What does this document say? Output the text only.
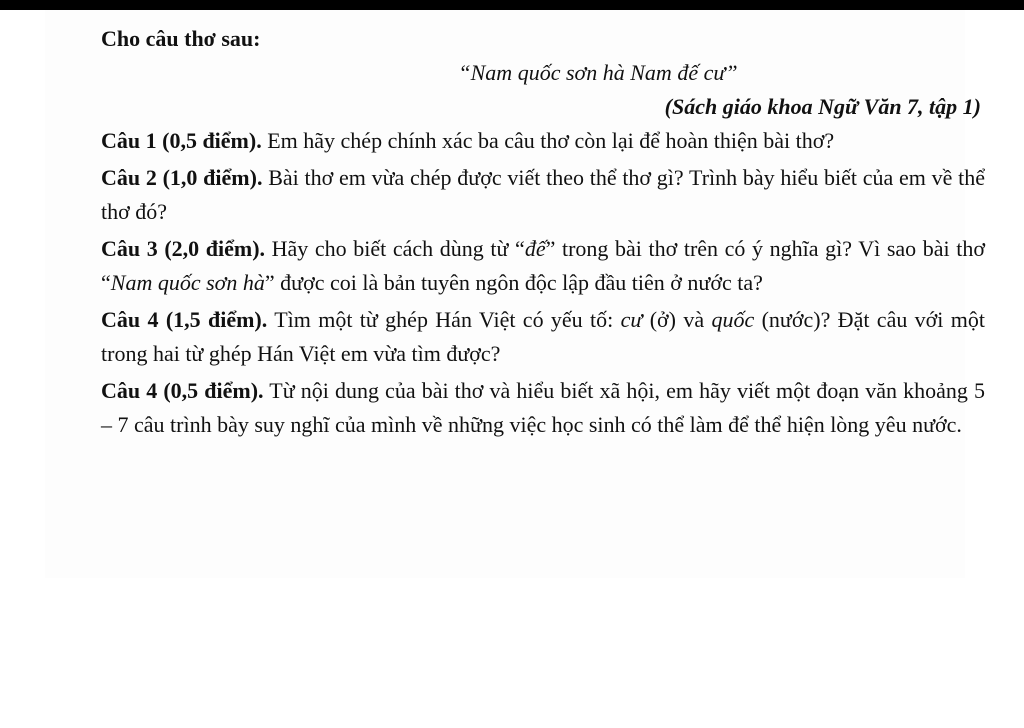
Cho câu thơ sau:

“Nam quốc sơn hà Nam đế cư”

(Sách giáo khoa Ngữ Văn 7, tập 1)

Câu 1 (0,5 điểm). Em hãy chép chính xác ba câu thơ còn lại để hoàn thiện bài thơ?

Câu 2 (1,0 điểm). Bài thơ em vừa chép được viết theo thể thơ gì? Trình bày hiểu biết của em về thể thơ đó?

Câu 3 (2,0 điểm). Hãy cho biết cách dùng từ “đế” trong bài thơ trên có ý nghĩa gì? Vì sao bài thơ “Nam quốc sơn hà” được coi là bản tuyên ngôn độc lập đầu tiên ở nước ta?

Câu 4 (1,5 điểm). Tìm một từ ghép Hán Việt có yếu tố: cư (ở) và quốc (nước)? Đặt câu với một trong hai từ ghép Hán Việt em vừa tìm được?

Câu 4 (0,5 điểm). Từ nội dung của bài thơ và hiểu biết xã hội, em hãy viết một đoạn văn khoảng 5 – 7 câu trình bày suy nghĩ của mình về những việc học sinh có thể làm để thể hiện lòng yêu nước.
